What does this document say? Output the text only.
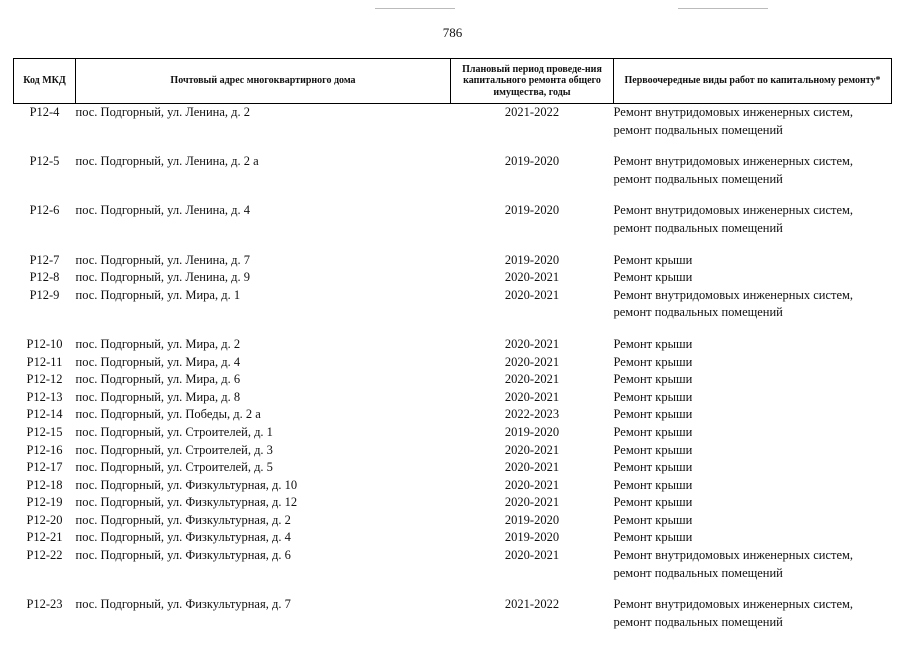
786
Код МКД	Почтовый адрес многоквартирного дома	Плановый период проведе-ния капитального ремонта общего имущества, годы	Первоочередные виды работ по капитальному ремонту*
Р12-4	пос. Подгорный, ул. Ленина, д. 2	2021-2022	Ремонт внутридомовых инженерных систем,
ремонт подвальных помещений

Р12-5	пос. Подгорный, ул. Ленина, д. 2 а	2019-2020	Ремонт внутридомовых инженерных систем,
ремонт подвальных помещений

Р12-6	пос. Подгорный, ул. Ленина, д. 4	2019-2020	Ремонт внутридомовых инженерных систем,
ремонт подвальных помещений

Р12-7	пос. Подгорный, ул. Ленина, д. 7	2019-2020	Ремонт крыши

Р12-8	пос. Подгорный, ул. Ленина, д. 9	2020-2021	Ремонт крыши

Р12-9	пос. Подгорный, ул. Мира, д. 1	2020-2021	Ремонт внутридомовых инженерных систем,
ремонт подвальных помещений

Р12-10	пос. Подгорный, ул. Мира, д. 2	2020-2021	Ремонт крыши

Р12-11	пос. Подгорный, ул. Мира, д. 4	2020-2021	Ремонт крыши

Р12-12	пос. Подгорный, ул. Мира, д. 6	2020-2021	Ремонт крыши

Р12-13	пос. Подгорный, ул. Мира, д. 8	2020-2021	Ремонт крыши

Р12-14	пос. Подгорный, ул. Победы, д. 2 а	2022-2023	Ремонт крыши

Р12-15	пос. Подгорный, ул. Строителей, д. 1	2019-2020	Ремонт крыши

Р12-16	пос. Подгорный, ул. Строителей, д. 3	2020-2021	Ремонт крыши

Р12-17	пос. Подгорный, ул. Строителей, д. 5	2020-2021	Ремонт крыши

Р12-18	пос. Подгорный, ул. Физкультурная, д. 10	2020-2021	Ремонт крыши

Р12-19	пос. Подгорный, ул. Физкультурная, д. 12	2020-2021	Ремонт крыши

Р12-20	пос. Подгорный, ул. Физкультурная, д. 2	2019-2020	Ремонт крыши

Р12-21	пос. Подгорный, ул. Физкультурная, д. 4	2019-2020	Ремонт крыши

Р12-22	пос. Подгорный, ул. Физкультурная, д. 6	2020-2021	Ремонт внутридомовых инженерных систем,
ремонт подвальных помещений

Р12-23	пос. Подгорный, ул. Физкультурная, д. 7	2021-2022	Ремонт внутридомовых инженерных систем,
ремонт подвальных помещений
